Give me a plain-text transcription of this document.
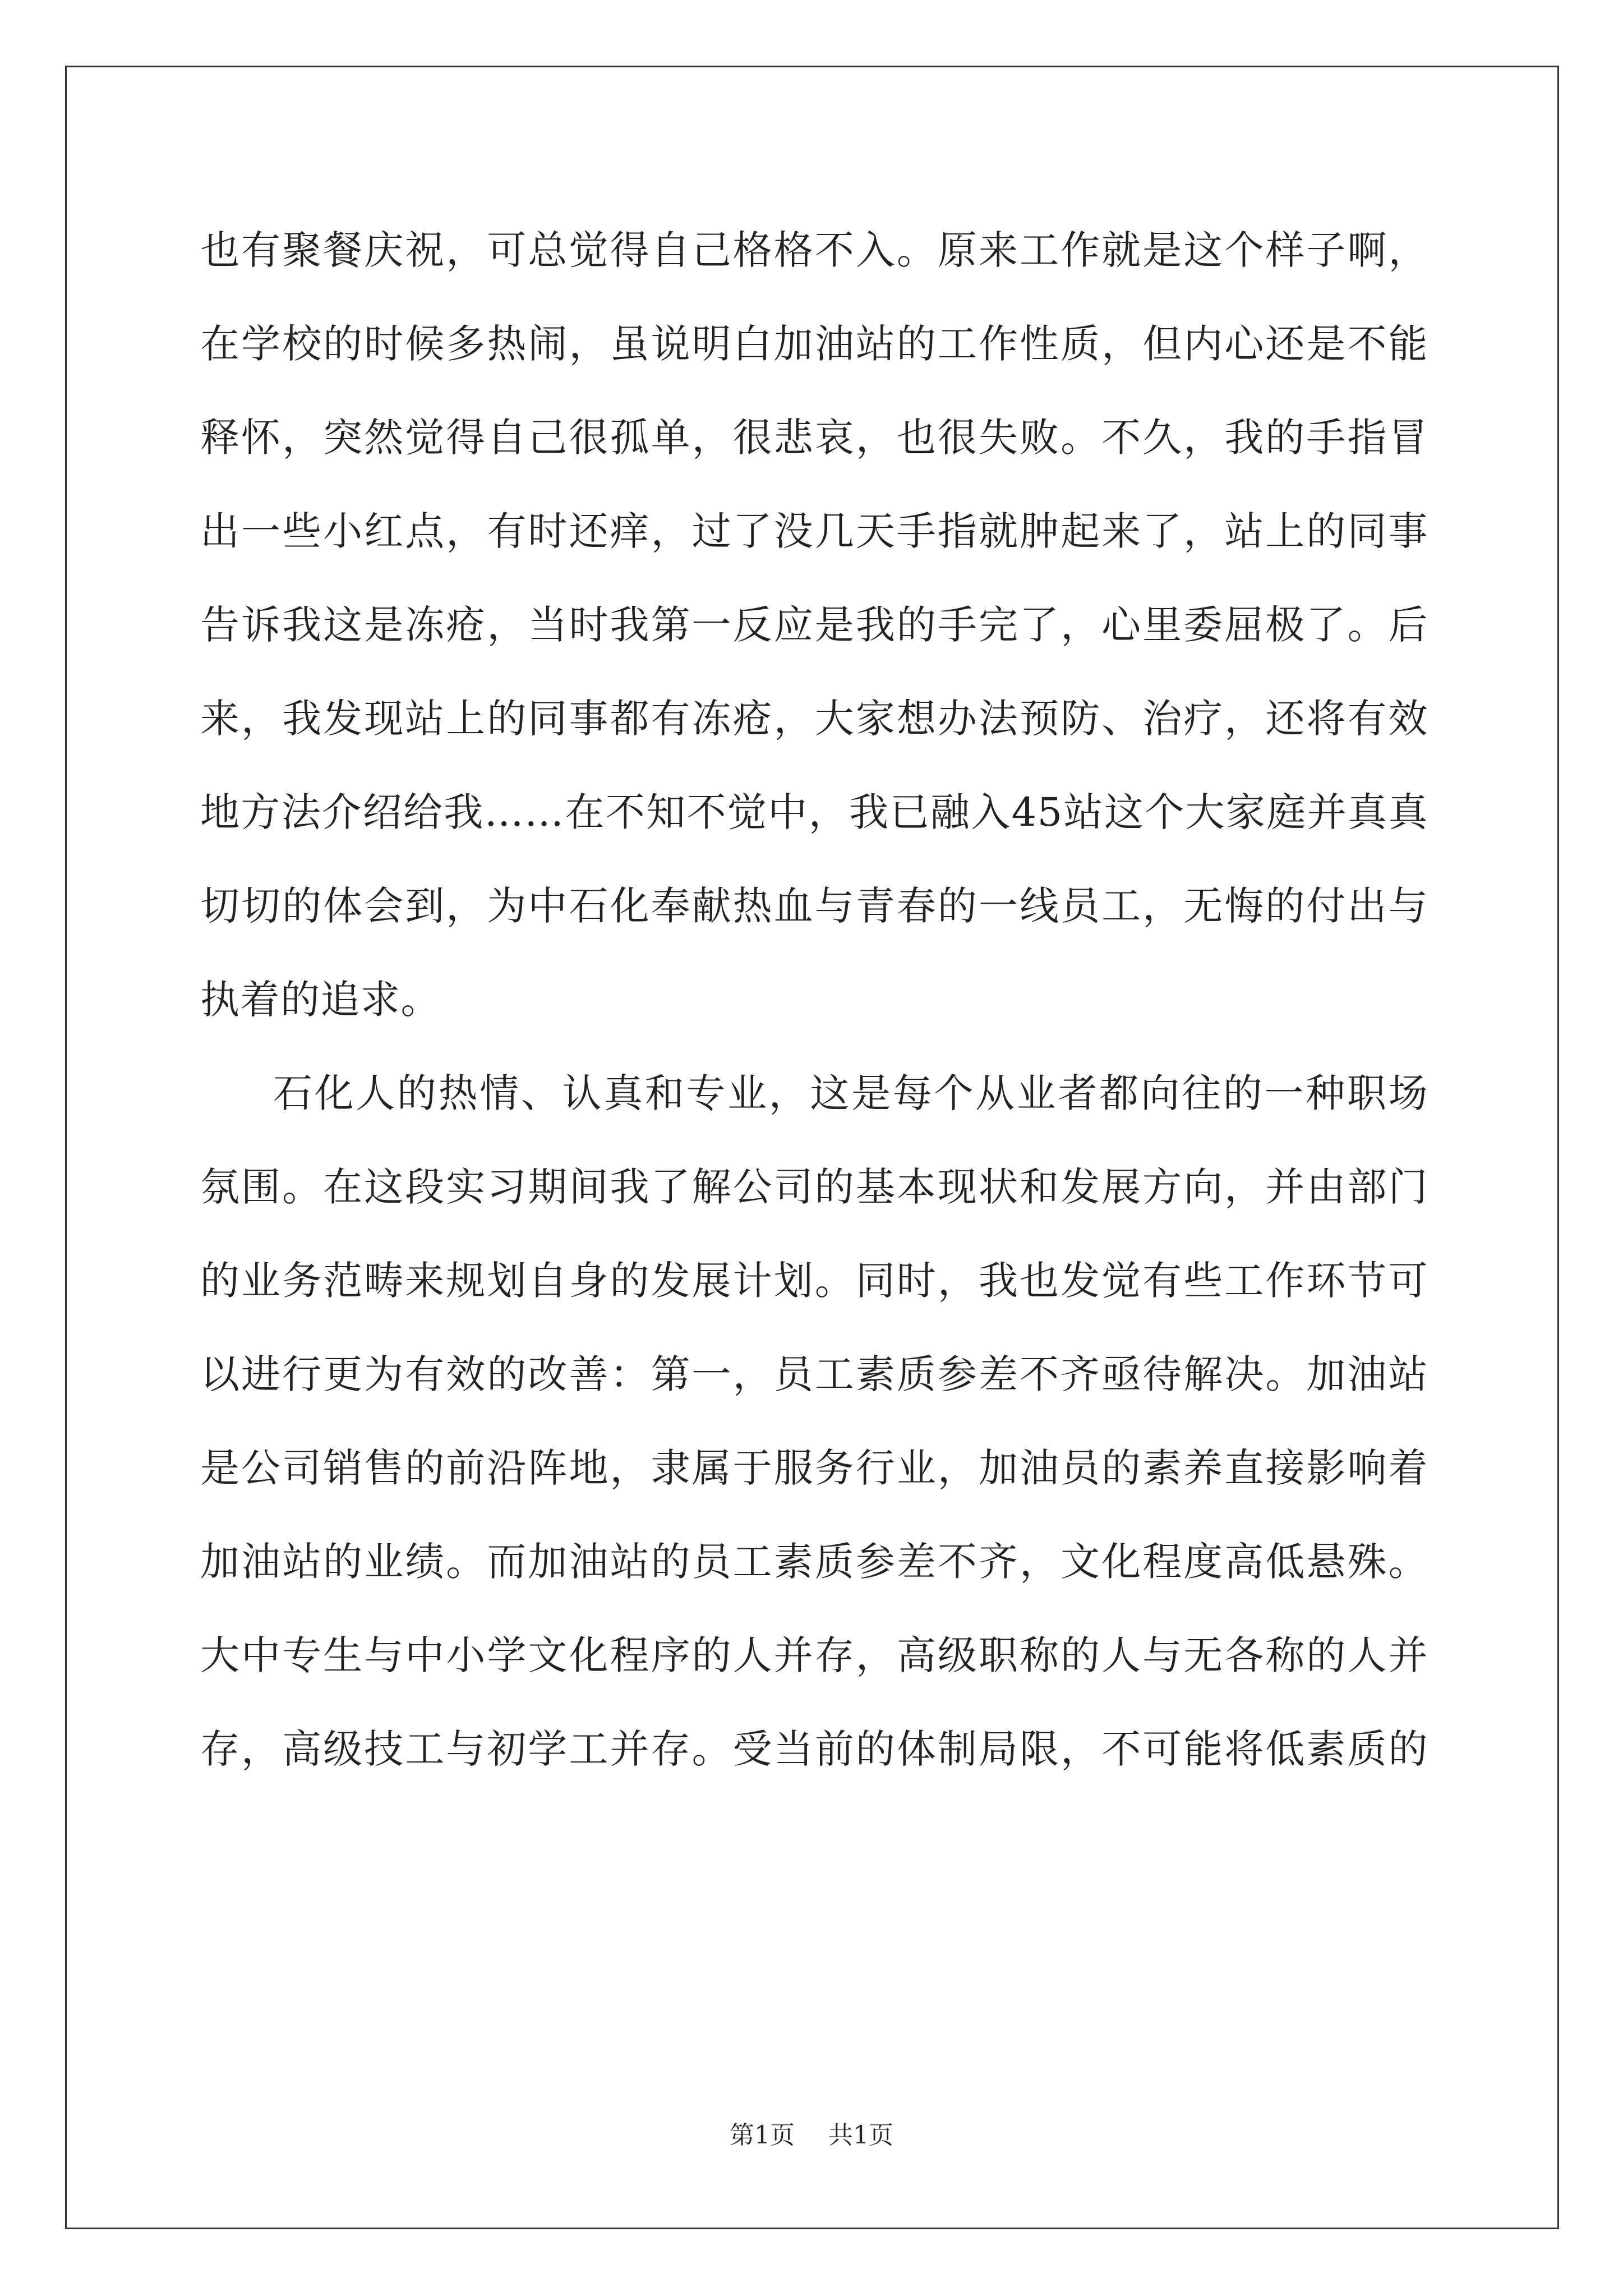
也有聚餐庆祝，可总觉得自己格格不入。原来工作就是这个样子啊，
在学校的时候多热闹，虽说明白加油站的工作性质，但内心还是不能
释怀，突然觉得自己很孤单，很悲哀，也很失败。不久，我的手指冒
出一些小红点，有时还痒，过了没几天手指就肿起来了，站上的同事
告诉我这是冻疮，当时我第一反应是我的手完了，心里委屈极了。后
来，我发现站上的同事都有冻疮，大家想办法预防、治疗，还将有效
地方法介绍给我……在不知不觉中，我已融入45站这个大家庭并真真
切切的体会到，为中石化奉献热血与青春的一线员工，无悔的付出与
执着的追求。
石化人的热情、认真和专业，这是每个从业者都向往的一种职场
氛围。在这段实习期间我了解公司的基本现状和发展方向，并由部门
的业务范畴来规划自身的发展计划。同时，我也发觉有些工作环节可
以进行更为有效的改善：第一，员工素质参差不齐亟待解决。加油站
是公司销售的前沿阵地，隶属于服务行业，加油员的素养直接影响着
加油站的业绩。而加油站的员工素质参差不齐，文化程度高低悬殊。
大中专生与中小学文化程序的人并存，高级职称的人与无各称的人并
存，高级技工与初学工并存。受当前的体制局限，不可能将低素质的
第1页 共1页
